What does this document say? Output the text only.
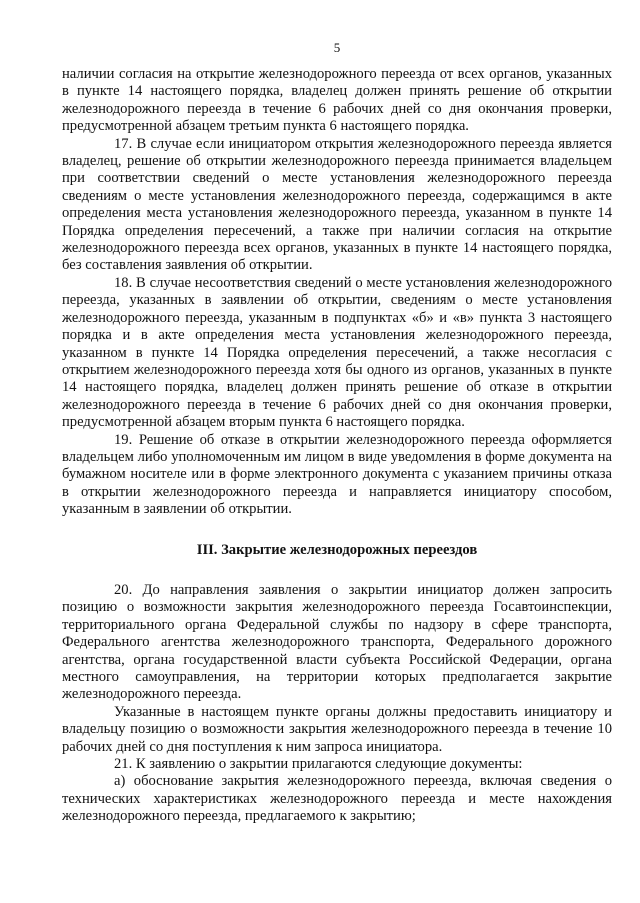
5

наличии согласия на открытие железнодорожного переезда от всех органов, указанных в пункте 14 настоящего порядка, владелец должен принять решение об открытии железнодорожного переезда в течение 6 рабочих дней со дня окончания проверки, предусмотренной абзацем третьим пункта 6 настоящего порядка.

17. В случае если инициатором открытия железнодорожного переезда является владелец, решение об открытии железнодорожного переезда принимается владельцем при соответствии сведений о месте установления железнодорожного переезда сведениям о месте установления железнодорожного переезда, содержащимся в акте определения места установления железнодорожного переезда, указанном в пункте 14 Порядка определения пересечений, а также при наличии согласия на открытие железнодорожного переезда всех органов, указанных в пункте 14 настоящего порядка, без составления заявления об открытии.

18. В случае несоответствия сведений о месте установления железнодорожного переезда, указанных в заявлении об открытии, сведениям о месте установления железнодорожного переезда, указанным в подпунктах «б» и «в» пункта 3 настоящего порядка и в акте определения места установления железнодорожного переезда, указанном в пункте 14 Порядка определения пересечений, а также несогласия с открытием железнодорожного переезда хотя бы одного из органов, указанных в пункте 14 настоящего порядка, владелец должен принять решение об отказе в открытии железнодорожного переезда в течение 6 рабочих дней со дня окончания проверки, предусмотренной абзацем вторым пункта 6 настоящего порядка.

19. Решение об отказе в открытии железнодорожного переезда оформляется владельцем либо уполномоченным им лицом в виде уведомления в форме документа на бумажном носителе или в форме электронного документа с указанием причины отказа в открытии железнодорожного переезда и направляется инициатору способом, указанным в заявлении об открытии.

III. Закрытие железнодорожных переездов

20. До направления заявления о закрытии инициатор должен запросить позицию о возможности закрытия железнодорожного переезда Госавтоинспекции, территориального органа Федеральной службы по надзору в сфере транспорта, Федерального агентства железнодорожного транспорта, Федерального дорожного агентства, органа государственной власти субъекта Российской Федерации, органа местного самоуправления, на территории которых предполагается закрытие железнодорожного переезда.

Указанные в настоящем пункте органы должны предоставить инициатору и владельцу позицию о возможности закрытия железнодорожного переезда в течение 10 рабочих дней со дня поступления к ним запроса инициатора.

21. К заявлению о закрытии прилагаются следующие документы:

а) обоснование закрытия железнодорожного переезда, включая сведения о технических характеристиках железнодорожного переезда и месте нахождения железнодорожного переезда, предлагаемого к закрытию;
